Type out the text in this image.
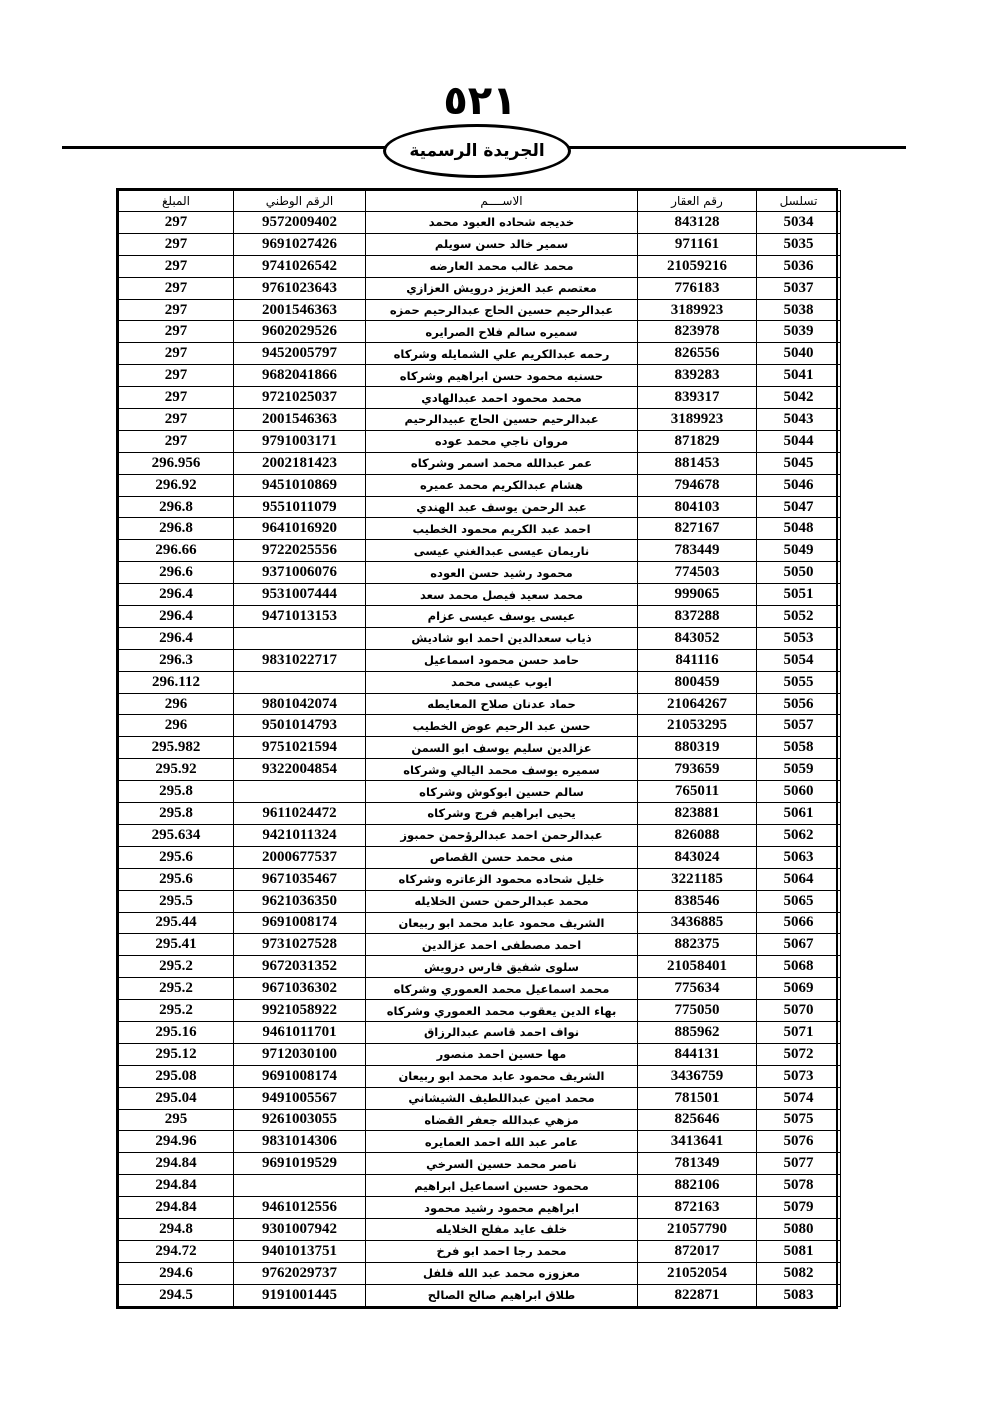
٥٢١
الجريدة الرسمية
تسلسل	رقم العقار	الاســــم	الرقم الوطني	المبلغ
5034	843128	خديجه شحاده العبود محمد	9572009402	297
5035	971161	سمير خالد حسن سويلم	9691027426	297
5036	21059216	محمد غالب محمد العارضه	9741026542	297
5037	776183	معتصم عبد العزيز درويش العزازي	9761023643	297
5038	3189923	عبدالرحيم حسين الحاج عبدالرحيم حمزه	2001546363	297
5039	823978	سميره سالم فلاح الصرايره	9602029526	297
5040	826556	رحمه عبدالكريم علي الشمايله وشركاه	9452005797	297
5041	839283	حسنيه محمود حسن ابراهيم وشركاه	9682041866	297
5042	839317	محمد محمود احمد عبدالهادي	9721025037	297
5043	3189923	عبدالرحيم حسين الحاج عبيدالرحيم	2001546363	297
5044	871829	مروان ناجي محمد عوده	9791003171	297
5045	881453	عمر عبدالله محمد اسمر وشركاه	2002181423	296.956
5046	794678	هشام عبدالكريم محمد عميره	9451010869	296.92
5047	804103	عبد الرحمن يوسف عبد الهندي	9551011079	296.8
5048	827167	احمد عبد الكريم محمود الخطيب	9641016920	296.8
5049	783449	ناريمان عيسى عبدالغني عيسى	9722025556	296.66
5050	774503	محمود رشيد حسن العوده	9371006076	296.6
5051	999065	محمد سعيد فيصل محمد سعد	9531007444	296.4
5052	837288	عيسى يوسف عيسى عزام	9471013153	296.4
5053	843052	ذياب سعدالدين احمد ابو شاديش		296.4
5054	841116	حامد حسن محمود اسماعيل	9831022717	296.3
5055	800459	ايوب عيسى محمد		296.112
5056	21064267	حماد عدنان صلاح المعايطه	9801042074	296
5057	21053295	حسن عبد الرحيم عوض الخطيب	9501014793	296
5058	880319	عزالدين سليم يوسف ابو السمن	9751021594	295.982
5059	793659	سميره يوسف محمد اليالي وشركاه	9322004854	295.92
5060	765011	سالم حسين ابوكوش وشركاه		295.8
5061	823881	يحيى ابراهيم فرج وشركاه	9611024472	295.8
5062	826088	عبدالرحمن احمد عبدالرؤحمن حمبوز	9421011324	295.634
5063	843024	منى محمد حسن القصاص	2000677537	295.6
5064	3221185	خليل شحاده محمود الزعاتره وشركاه	9671035467	295.6
5065	838546	محمد عبدالرحمن حسن الخلايله	9621036350	295.5
5066	3436885	الشريف محمود عابد محمد ابو ربيعان	9691008174	295.44
5067	882375	احمد مصطفى احمد عزالدين	9731027528	295.41
5068	21058401	سلوى شفيق فارس درويش	9672031352	295.2
5069	775634	محمد اسماعيل محمد العموري وشركاه	9671036302	295.2
5070	775050	بهاء الدين يعقوب محمد العموري وشركاه	9921058922	295.2
5071	885962	نواف احمد قاسم عبدالرزاق	9461011701	295.16
5072	844131	مها حسين احمد منصور	9712030100	295.12
5073	3436759	الشريف محمود عابد محمد ابو ربيعان	9691008174	295.08
5074	781501	محمد امين عبداللطيف الشيشاني	9491005567	295.04
5075	825646	مزهي عبدالله جعفر القضاه	9261003055	295
5076	3413641	عامر عبد الله احمد العمايره	9831014306	294.96
5077	781349	ناصر محمد حسين السرخي	9691019529	294.84
5078	882106	محمود حسين اسماعيل ابراهيم		294.84
5079	872163	ابراهيم محمود رشيد محمود	9461012556	294.84
5080	21057790	خلف عايد مفلح الخلايله	9301007942	294.8
5081	872017	محمد رجا احمد ابو فرخ	9401013751	294.72
5082	21052054	معزوزه محمد عبد الله فلفل	9762029737	294.6
5083	822871	طلاق ابراهيم صالح الصالح	9191001445	294.5
